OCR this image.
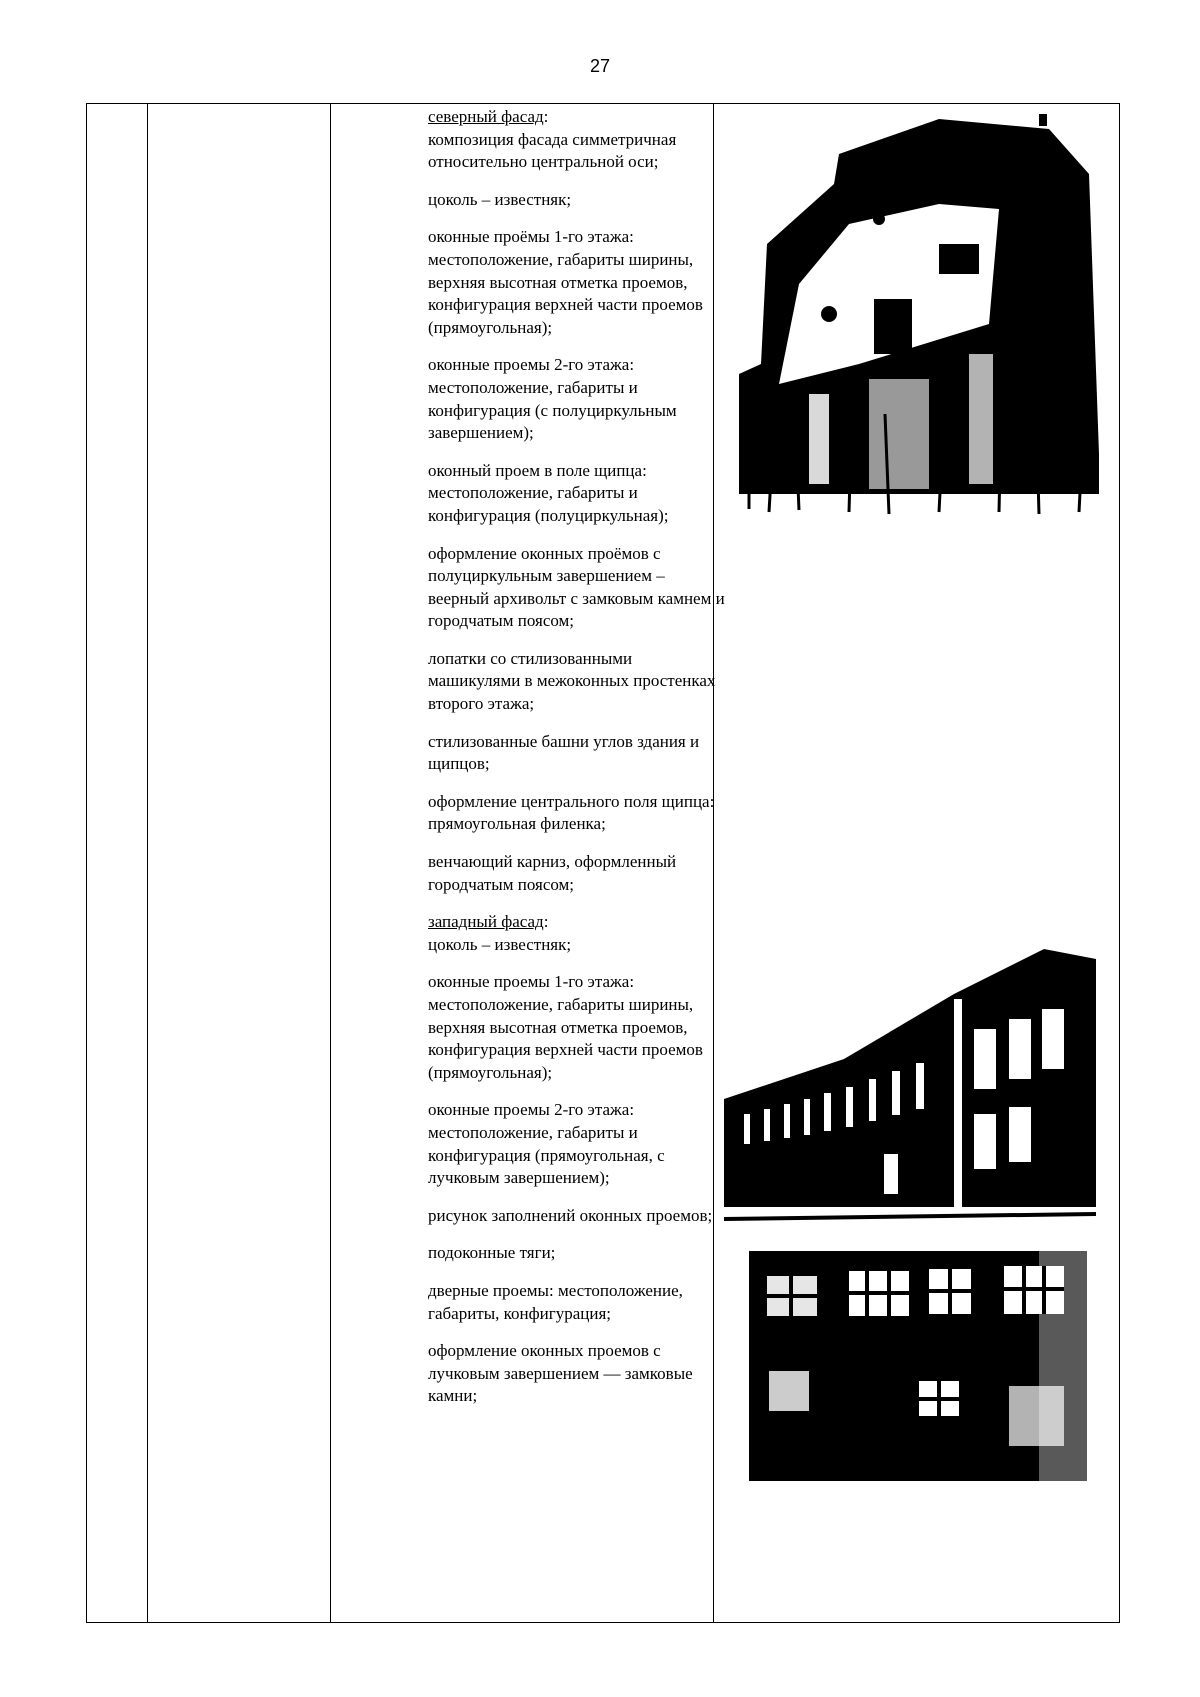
27
северный фасад:
композиция фасада симметричная
относительно центральной оси;
цоколь – известняк;
оконные проёмы 1-го этажа:
местоположение, габариты ширины,
верхняя высотная отметка проемов,
конфигурация верхней части проемов
(прямоугольная);
оконные проемы 2-го этажа:
местоположение, габариты и
конфигурация (с полуциркульным
завершением);
оконный проем в поле щипца:
местоположение, габариты и
конфигурация (полуциркульная);
оформление оконных проёмов с
полуциркульным завершением –
веерный архивольт с замковым камнем и
городчатым поясом;
лопатки со стилизованными
машикулями в межоконных простенках
второго этажа;
стилизованные башни углов здания и
щипцов;
оформление центрального поля щипца:
прямоугольная филенка;
венчающий карниз, оформленный
городчатым поясом;
западный фасад:
цоколь – известняк;
оконные проемы 1-го этажа:
местоположение, габариты ширины,
верхняя высотная отметка проемов,
конфигурация верхней части проемов
(прямоугольная);
оконные проемы 2-го этажа:
местоположение, габариты и
конфигурация (прямоугольная, с
лучковым завершением);
рисунок заполнений оконных проемов;
подоконные тяги;
дверные проемы: местоположение,
габариты, конфигурация;
оформление оконных проемов с
лучковым завершением — замковые
камни;
